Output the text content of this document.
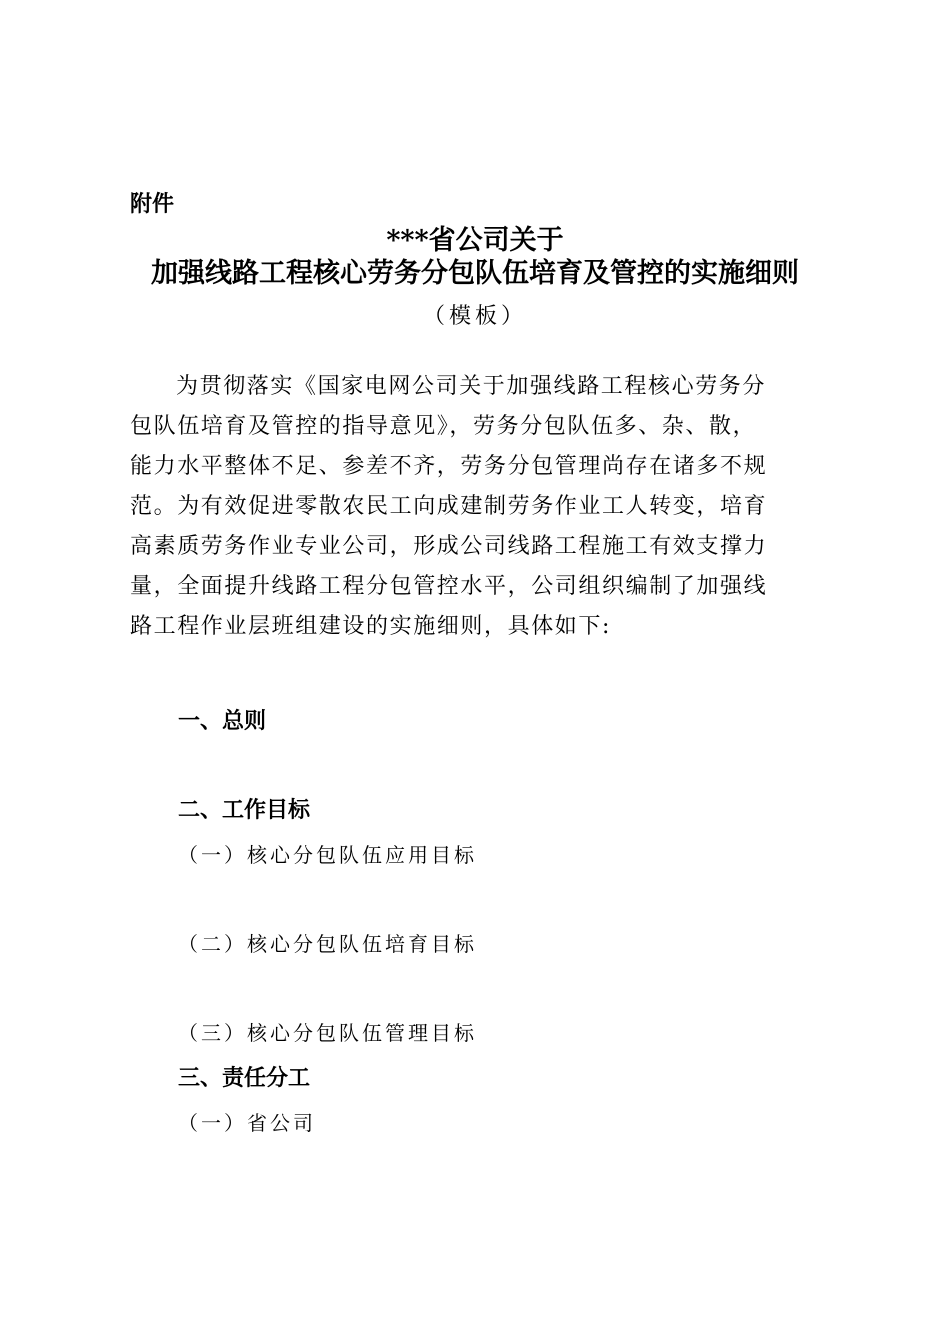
附件
***省公司关于
加强线路工程核心劳务分包队伍培育及管控的实施细则
（模板）
为贯彻落实《国家电网公司关于加强线路工程核心劳务分
包队伍培育及管控的指导意见》，劳务分包队伍多、杂、散，
能力水平整体不足、参差不齐，劳务分包管理尚存在诸多不规
范。为有效促进零散农民工向成建制劳务作业工人转变，培育
高素质劳务作业专业公司，形成公司线路工程施工有效支撑力
量，全面提升线路工程分包管控水平，公司组织编制了加强线
路工程作业层班组建设的实施细则，具体如下:
一、总则
二、工作目标
（一）核心分包队伍应用目标
（二）核心分包队伍培育目标
（三）核心分包队伍管理目标
三、责任分工
（一）省公司
